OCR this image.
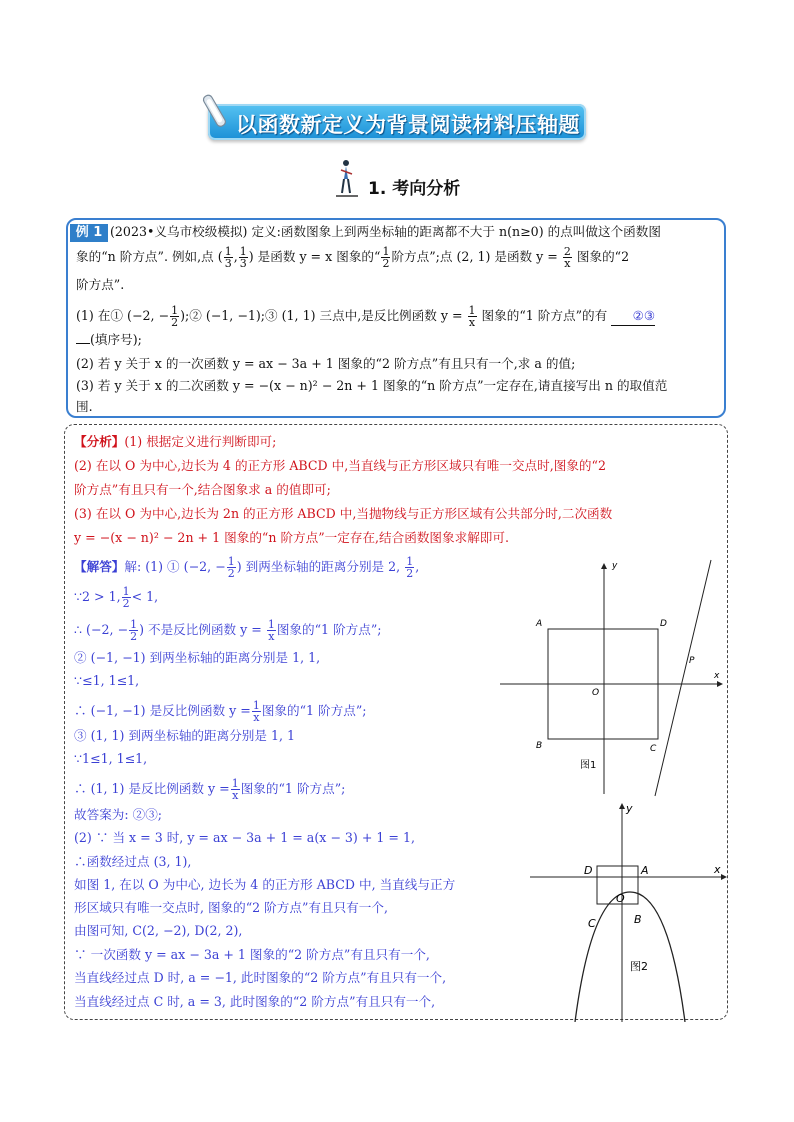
以函数新定义为背景阅读材料压轴题
1. 考向分析
例 1 (2023•义乌市校级模拟) 定义:函数图象上到两坐标轴的距离都不大于 n(n≥0) 的点叫做这个函数图
象的“n 阶方点”. 例如,点 ( $\frac{1}{3}$ , $\frac{1}{3}$ ) 是函数 y = x 图象的“ $\frac{1}{2}$ 阶方点”;点 (2, 1) 是函数 $y = \frac{2}{x}$ 图象的“2
阶方点”.
(1) 在① (−2, − $\frac{1}{2}$ );② (−1, −1);③ (1, 1) 三点中,是反比例函数 $y = \frac{1}{x}$ 图象的“1 阶方点”的有 ②③
(填序号);
(2) 若 y 关于 x 的一次函数 y = ax − 3a + 1 图象的“2 阶方点”有且只有一个,求 a 的值;
(3) 若 y 关于 x 的二次函数 y = −(x − n)² − 2n + 1 图象的“n 阶方点”一定存在,请直接写出 n 的取值范
围.
【分析】(1) 根据定义进行判断即可;
(2) 在以 O 为中心,边长为 4 的正方形 ABCD 中,当直线与正方形区域只有唯一交点时,图象的“2
阶方点”有且只有一个,结合图象求 a 的值即可;
(3) 在以 O 为中心,边长为 2n 的正方形 ABCD 中,当抛物线与正方形区域有公共部分时,二次函数
y = −(x − n)² − 2n + 1 图象的“n 阶方点”一定存在,结合函数图象求解即可.
【解答】解: (1) ① (−2, − $\frac{1}{2}$ ) 到两坐标轴的距离分别是 2, $\frac{1}{2}$ ,
∵2 > 1, $\frac{1}{2} < 1$,
∴ (−2, − $\frac{1}{2}$ ) 不是反比例函数 $y = \frac{1}{x}$ 图象的“1 阶方点”;
② (−1, −1) 到两坐标轴的距离分别是 1, 1,
∵≤1, 1≤1,
∴ (−1, −1) 是反比例函数 $y = \frac{1}{x}$ 图象的“1 阶方点”;
③ (1, 1) 到两坐标轴的距离分别是 1, 1
∵1≤1, 1≤1,
∴ (1, 1) 是反比例函数 $y = \frac{1}{x}$ 图象的“1 阶方点”;
故答案为: ②③;
(2) ∵ 当 x = 3 时, y = ax − 3a + 1 = a(x − 3) + 1 = 1,
∴函数经过点 (3, 1),
如图 1, 在以 O 为中心, 边长为 4 的正方形 ABCD 中, 当直线与正方
形区域只有唯一交点时, 图象的“2 阶方点”有且只有一个,
由图可知, C(2, −2), D(2, 2),
∵ 一次函数 y = ax − 3a + 1 图象的“2 阶方点”有且只有一个,
当直线经过点 D 时, a = −1, 此时图象的“2 阶方点”有且只有一个,
当直线经过点 C 时, a = 3, 此时图象的“2 阶方点”有且只有一个,
y
x
A	D
B	C
O
P
图1
y
x
D	A
C	B
O
图2
